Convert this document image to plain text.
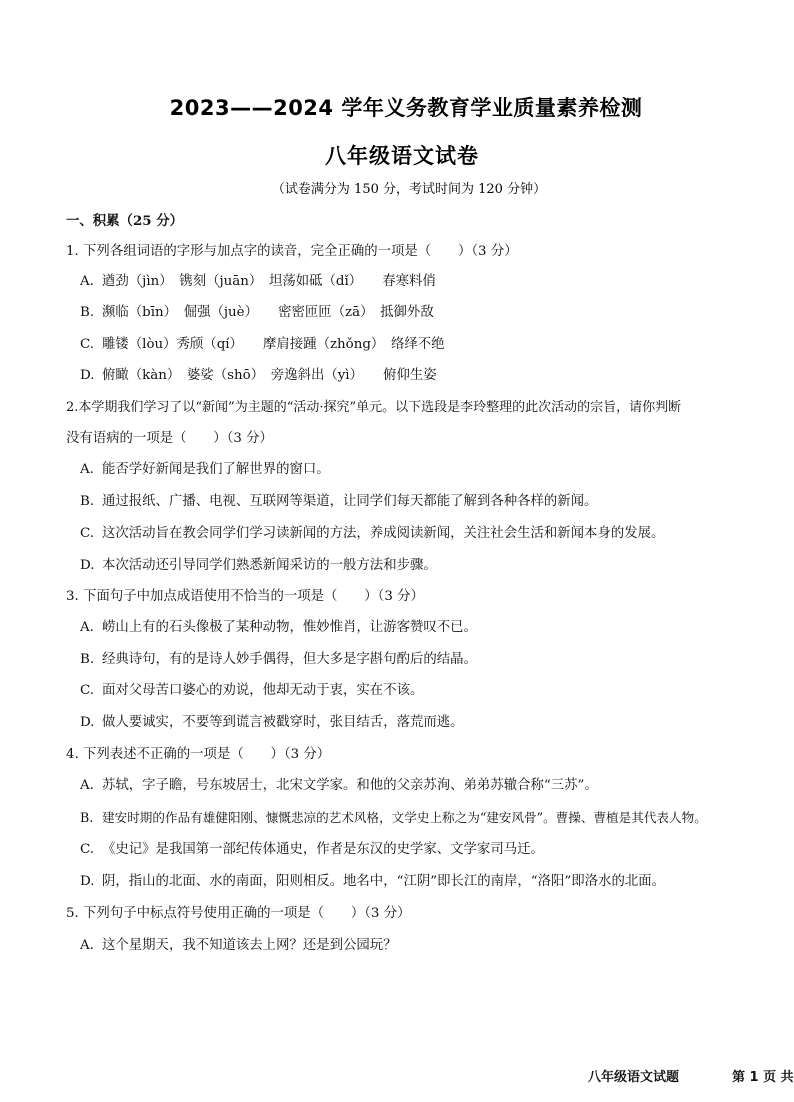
2023——2024 学年义务教育学业质量素养检测
八年级语文试卷
（试卷满分为 150 分，考试时间为 120 分钟）
一、积累（25 分）
1. 下列各组词语的字形与加点字的读音，完全正确的一项是（　　）（3 分）
A. 遒劲（jìn）　镌刻（juān）　坦荡如砥（dǐ）　　春寒料俏
B. 濒临（bīn）　倔强（juè）　　密密匝匝（zā）　抵御外敌
C. 雕镂（lòu）秀颀（qí）　　摩肩接踵（zhǒng）　络绎不绝
D. 俯瞰（kàn）　婆娑（shō）　旁逸斜出（yì）　　俯仰生姿
2.本学期我们学习了以“新闻”为主题的“活动·探究”单元。以下选段是李玲整理的此次活动的宗旨，请你判断
没有语病的一项是（　　）（3 分）
A. 能否学好新闻是我们了解世界的窗口。
B. 通过报纸、广播、电视、互联网等渠道，让同学们每天都能了解到各种各样的新闻。
C. 这次活动旨在教会同学们学习读新闻的方法，养成阅读新闻，关注社会生活和新闻本身的发展。
D. 本次活动还引导同学们熟悉新闻采访的一般方法和步骤。
3. 下面句子中加点成语使用不恰当的一项是（　　）（3 分）
A. 崂山上有的石头像极了某种动物，惟妙惟肖，让游客赞叹不已。
B. 经典诗句，有的是诗人妙手偶得，但大多是字斟句酌后的结晶。
C. 面对父母苦口婆心的劝说，他却无动于衷，实在不该。
D. 做人要诚实，不要等到谎言被戳穿时，张目结舌，落荒而逃。
4. 下列表述不正确的一项是（　　）（3 分）
A. 苏轼，字子瞻，号东坡居士，北宋文学家。和他的父亲苏洵、弟弟苏辙合称“三苏”。
B. 建安时期的作品有雄健阳刚、慷慨悲凉的艺术风格，文学史上称之为“建安风骨”。曹操、曹植是其代表人物。
C. 《史记》是我国第一部纪传体通史，作者是东汉的史学家、文学家司马迁。
D. 阴，指山的北面、水的南面，阳则相反。地名中，“江阴”即长江的南岸，“洛阳”即洛水的北面。
5. 下列句子中标点符号使用正确的一项是（　　）（3 分）
A. 这个星期天，我不知道该去上网？还是到公园玩？
八年级语文试题	第 1 页 共
